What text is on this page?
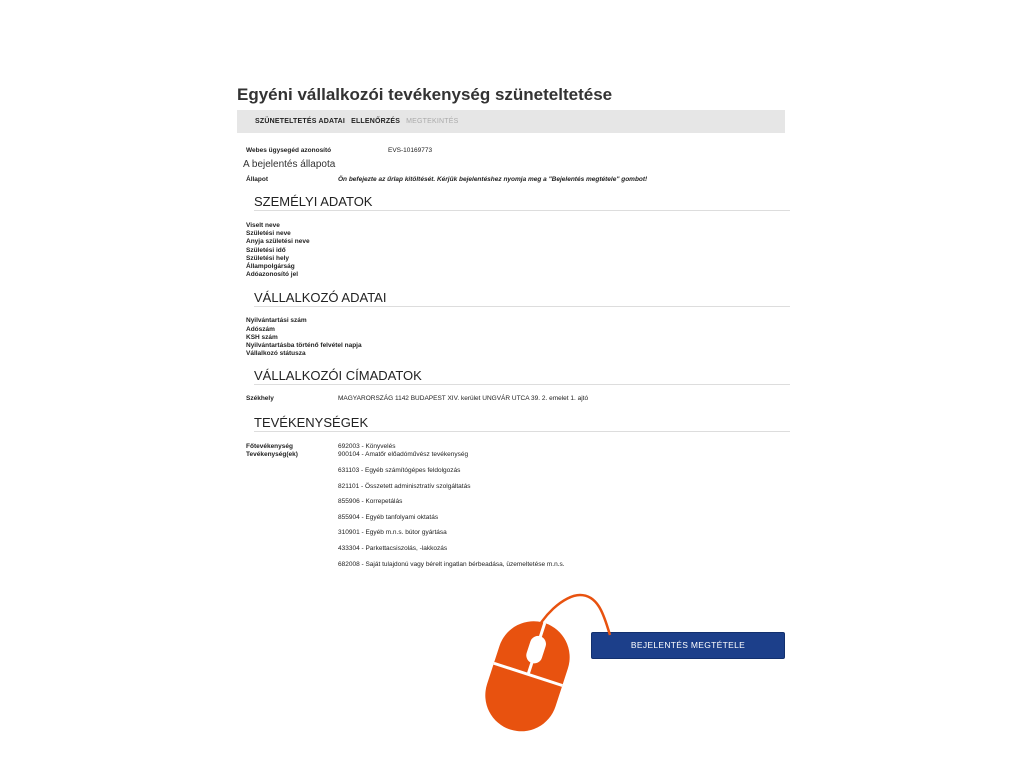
Egyéni vállalkozói tevékenység szüneteltetése
SZÜNETELTETÉS ADATAI ELLENŐRZÉS MEGTEKINTÉS
Webes ügysegéd azonosító	EVS-10169773
A bejelentés állapota
Állapot	Ön befejezte az űrlap kitöltését. Kérjük bejelentéshez nyomja meg a "Bejelentés megtétele" gombot!
SZEMÉLYI ADATOK
Viselt neve
Születési neve
Anyja születési neve
Születési idő
Születési hely
Állampolgárság
Adóazonosító jel
VÁLLALKOZÓ ADATAI
Nyilvántartási szám
Adószám
KSH szám
Nyilvántartásba történő felvétel napja
Vállalkozó státusza
VÁLLALKOZÓI CÍMADATOK
Székhely	MAGYARORSZÁG 1142 BUDAPEST XIV. kerület UNGVÁR UTCA 39. 2. emelet 1. ajtó
TEVÉKENYSÉGEK
Főtevékenység	692003 - Könyvelés
Tevékenység(ek)	900104 - Amatőr előadóművész tevékenység
631103 - Egyéb számítógépes feldolgozás
821101 - Összetett adminisztratív szolgáltatás
855906 - Korrepetálás
855904 - Egyéb tanfolyami oktatás
310901 - Egyéb m.n.s. bútor gyártása
433304 - Parkettacsiszolás, -lakkozás
682008 - Saját tulajdonú vagy bérelt ingatlan bérbeadása, üzemeltetése m.n.s.
BEJELENTÉS MEGTÉTELE
